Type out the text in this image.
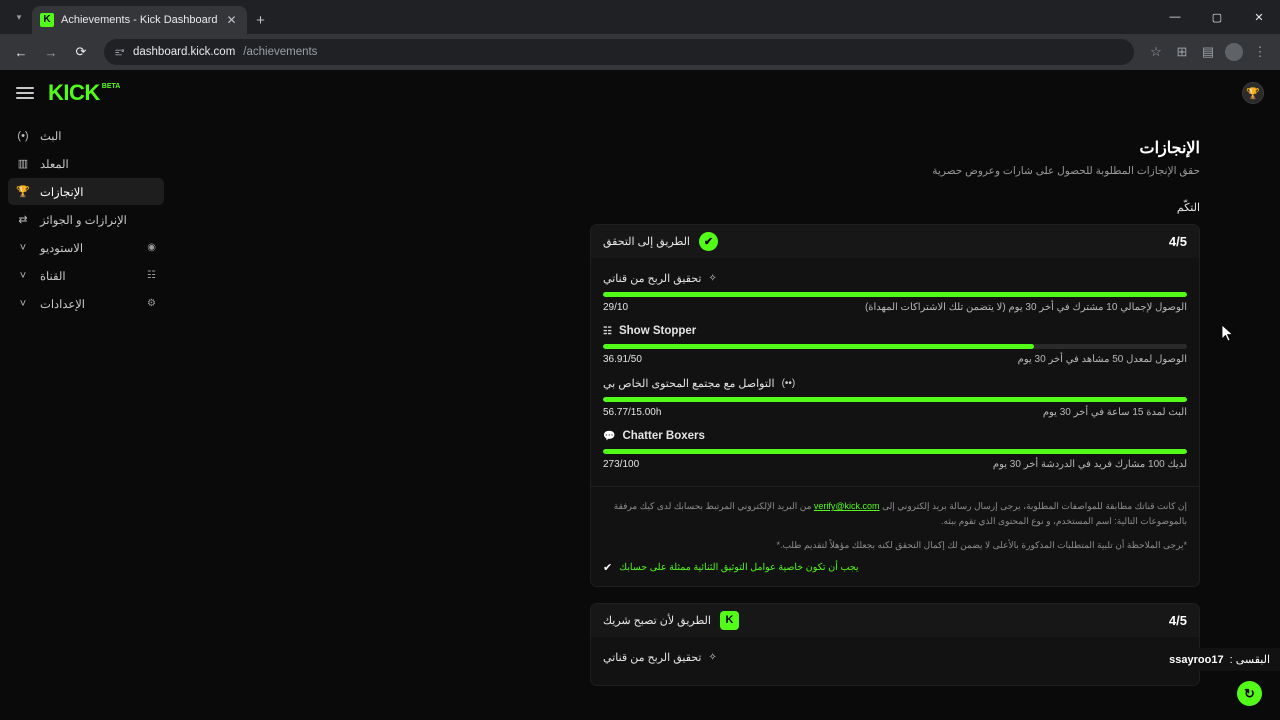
▾	K Achievements - Kick Dashboard ✕	+	—	▢	✕
←	→	⟳	dashboard.kick.com /achievements	☆	⊞	▤	⋮
KICK BETA
🏆
(•) البث
▥ المعلد
🏆 الإنجازات
⇄ الإنرازات و الجوائز
˅	الاستوديو	◉
˅	القناة	☷
˅	الإعدادات	⚙
الإنجازات
حقق الإنجازات المطلوبة للحصول على شارات وعروض حصرية
التكّم
✔
الطريق إلى التحقق	4/5
✧
تحقيق الربح من قناتي
الوصول لإجمالي 10 مشترك في أخر 30 يوم (لا يتضمن تلك الاشتراكات المهداة)
29/10
☷ Show Stopper
الوصول لمعدل 50 مشاهد في أخر 30 يوم
36.91/50
(••)
التواصل مع مجتمع المحتوى الخاص بي
البث لمدة 15 ساعة في أخر 30 يوم
56.77/15.00h
💬 Chatter Boxers
لديك 100 مشارك فريد في الدردشة أخر 30 يوم
273/100

إن كانت قناتك مطابقة للمواصفات المطلوبة، يرجى إرسال رسالة بريد إلكتروني إلى verify@kick.com من البريد الإلكتروني المرتبط بحسابك لدى كيك مرفقة بالموضوعات التالية: اسم المستخدم، و نوع المحتوى الذي تقوم ببثه.

*يرجى الملاحظة أن تلبية المتطلبات المذكورة بالأعلى لا يضمن لك إكمال التحقق لكنه بجعلك مؤهلاً لتقديم طلب.*

يجب أن تكون خاصية عوامل التوثيق الثنائية ممثلة على حسابك
✔
K
الطريق لأن تصبح شريك	4/5
✧
تحقيق الربح من قناتي	البقسى :
ssayroo17
↻
